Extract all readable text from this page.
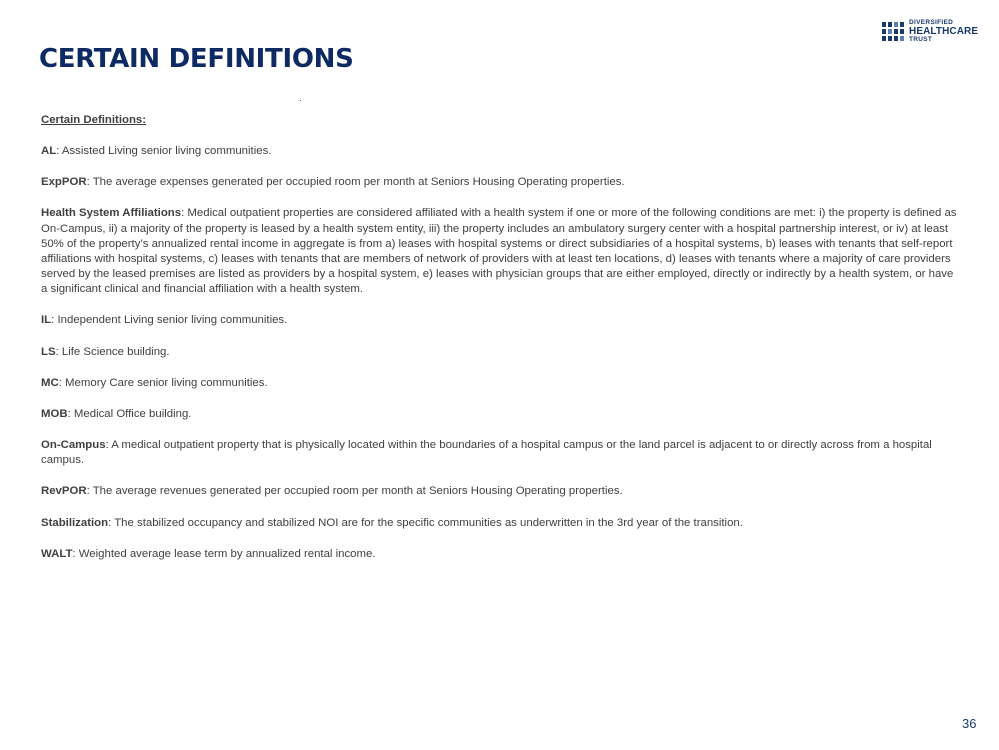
DIVERSIFIED
HEALTHCARE
TRUST
CERTAIN DEFINITIONS

Certain Definitions:

AL: Assisted Living senior living communities.

ExpPOR: The average expenses generated per occupied room per month at Seniors Housing Operating properties.

Health System Affiliations: Medical outpatient properties are considered affiliated with a health system if one or more of the following conditions are met: i) the property is defined as On-Campus, ii) a majority of the property is leased by a health system entity, iii) the property includes an ambulatory surgery center with a hospital partnership interest, or iv) at least 50% of the property’s annualized rental income in aggregate is from a) leases with hospital systems or direct subsidiaries of a hospital systems, b) leases with tenants that self-report affiliations with hospital systems, c) leases with tenants that are members of network of providers with at least ten locations, d) leases with tenants where a majority of care providers served by the leased premises are listed as providers by a hospital system, e) leases with physician groups that are either employed, directly or indirectly by a health system, or have a significant clinical and financial affiliation with a health system.

IL: Independent Living senior living communities.

LS: Life Science building.

MC: Memory Care senior living communities.

MOB: Medical Office building.

On-Campus: A medical outpatient property that is physically located within the boundaries of a hospital campus or the land parcel is adjacent to or directly across from a hospital campus.

RevPOR: The average revenues generated per occupied room per month at Seniors Housing Operating properties.

Stabilization: The stabilized occupancy and stabilized NOI are for the specific communities as underwritten in the 3rd year of the transition.

WALT: Weighted average lease term by annualized rental income.

36
